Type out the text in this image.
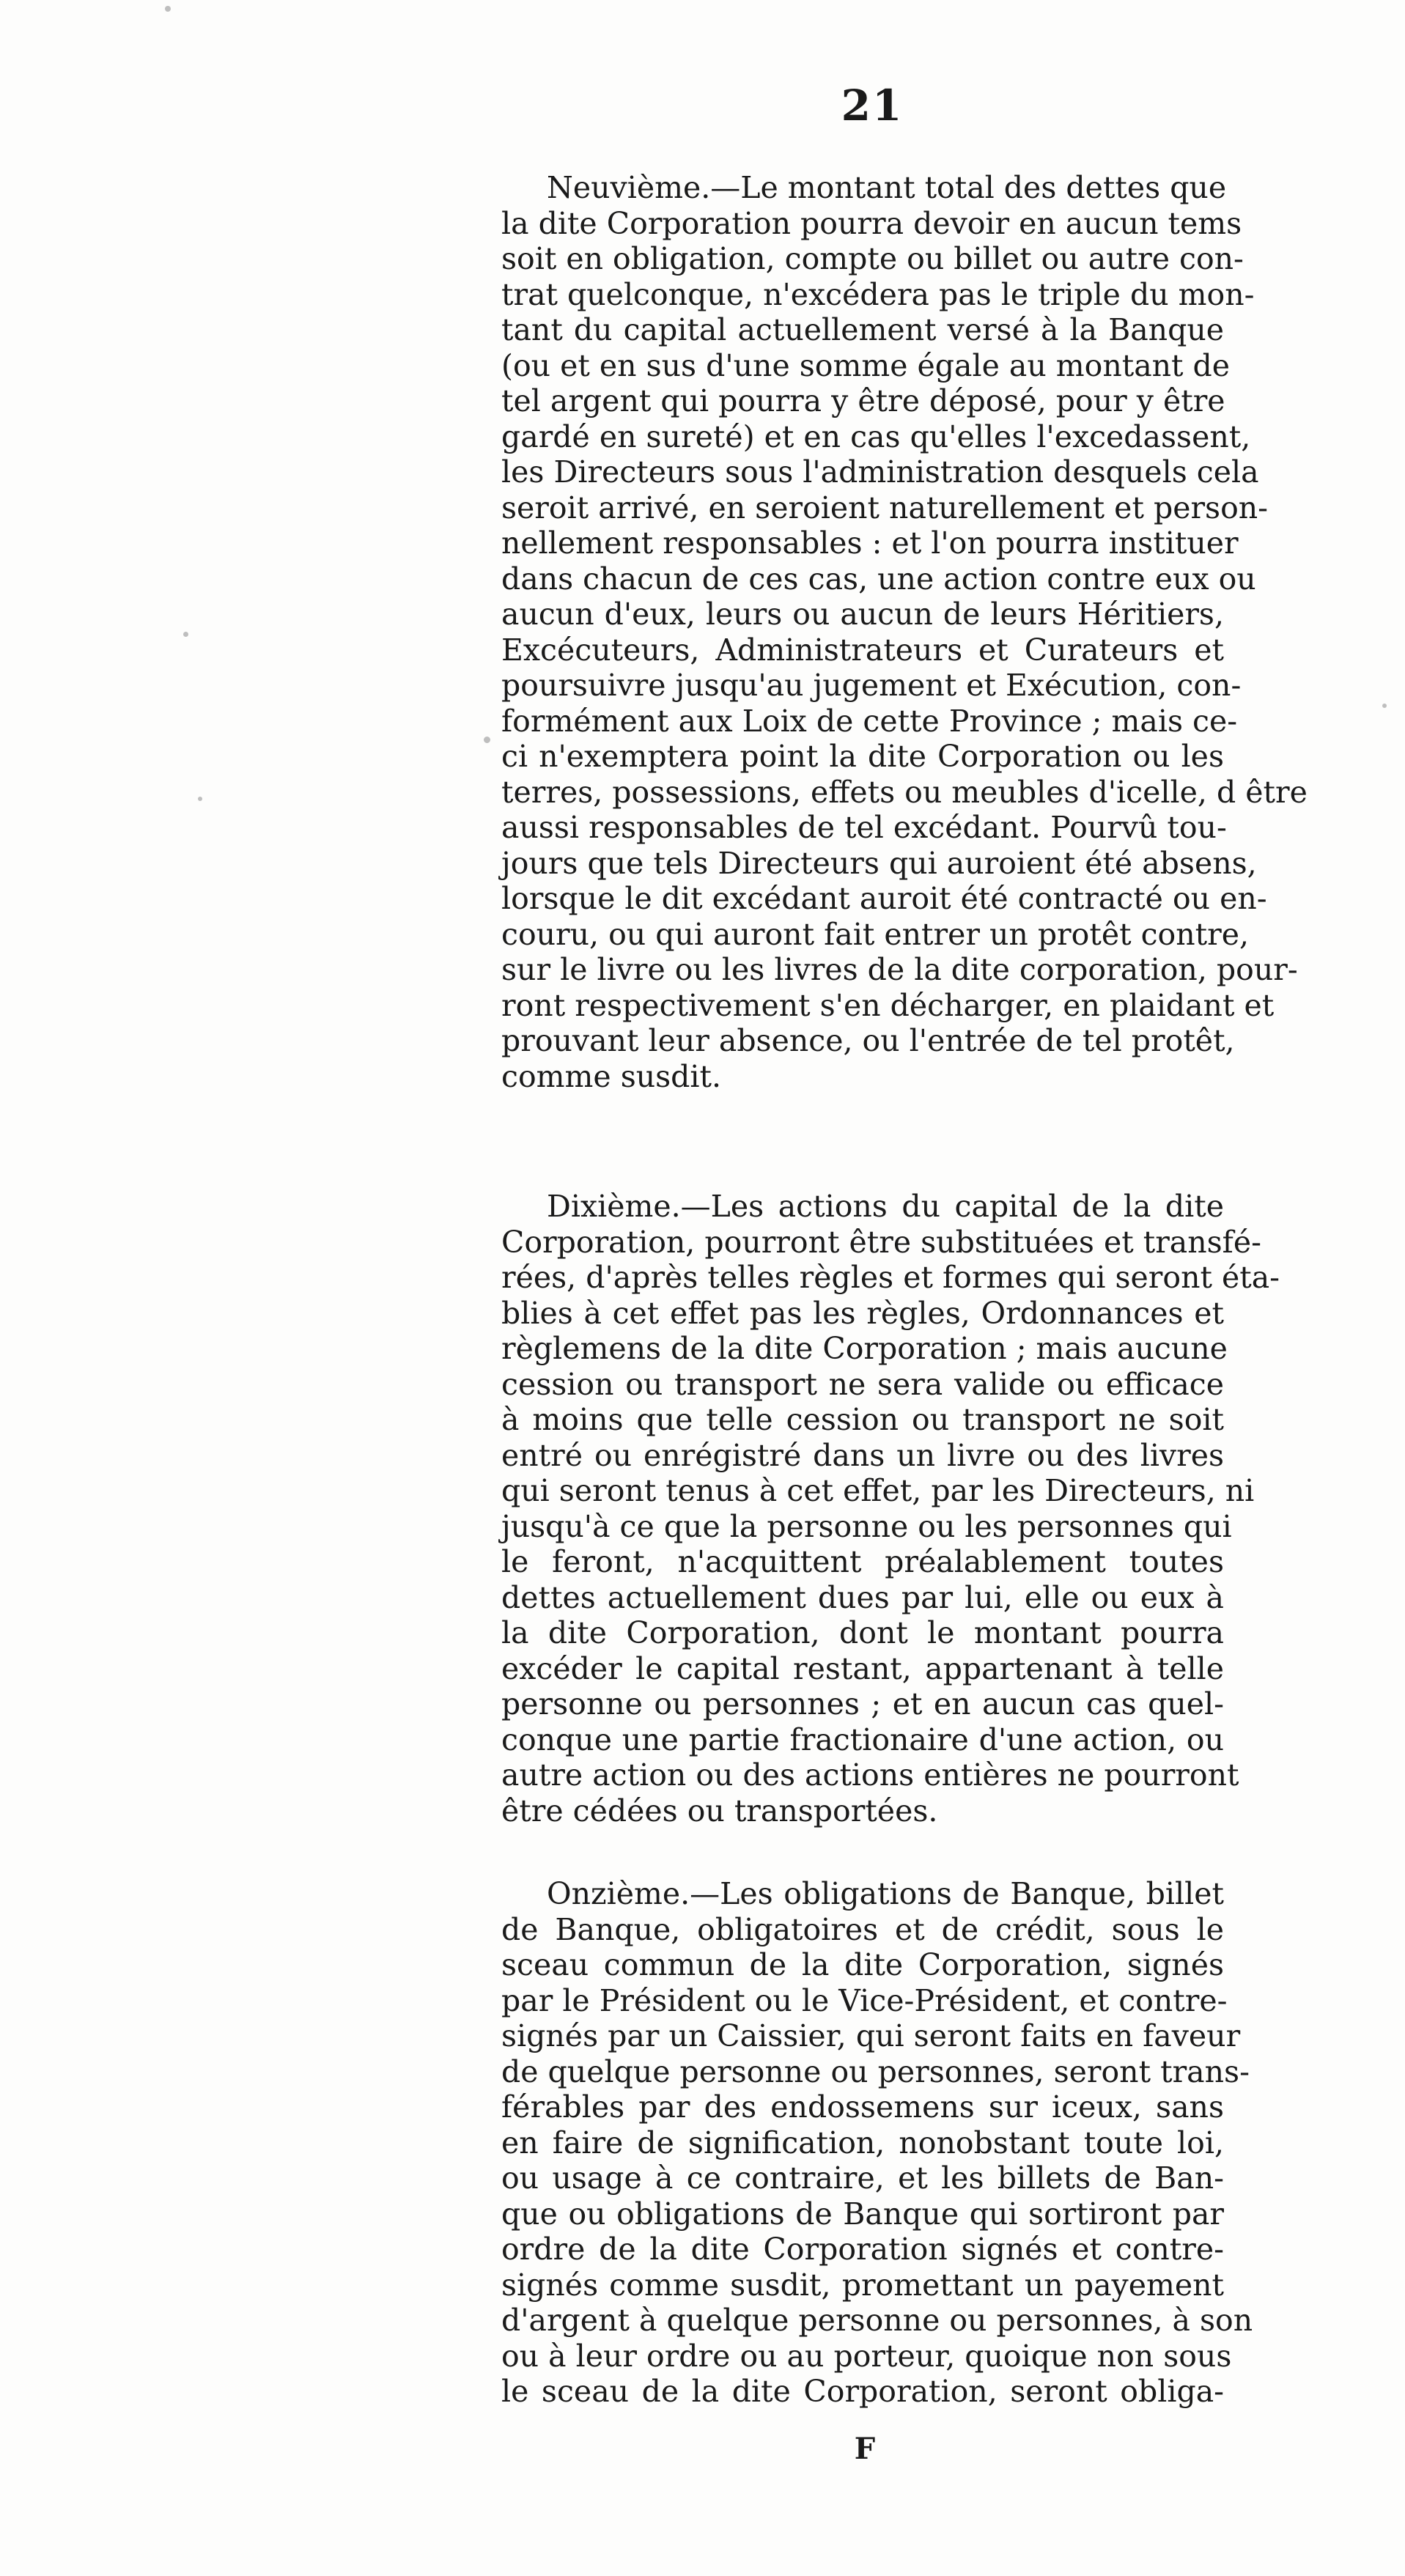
21
Neuvième.—Le montant total des dettes que
la dite Corporation pourra devoir en aucun tems
soit en obligation, compte ou billet ou autre con-
trat quelconque, n'excédera pas le triple du mon-
tant du capital actuellement versé à la Banque
(ou et en sus d'une somme égale au montant de
tel argent qui pourra y être déposé, pour y être
gardé en sureté) et en cas qu'elles l'excedassent,
les Directeurs sous l'administration desquels cela
seroit arrivé, en seroient naturellement et person-
nellement responsables : et l'on pourra instituer
dans chacun de ces cas, une action contre eux ou
aucun d'eux, leurs ou aucun de leurs Héritiers,
Excécuteurs, Administrateurs et Curateurs et
poursuivre jusqu'au jugement et Exécution, con-
formément aux Loix de cette Province ; mais ce-
ci n'exemptera point la dite Corporation ou les
terres, possessions, effets ou meubles d'icelle, d être
aussi responsables de tel excédant. Pourvû tou-
jours que tels Directeurs qui auroient été absens,
lorsque le dit excédant auroit été contracté ou en-
couru, ou qui auront fait entrer un protêt contre,
sur le livre ou les livres de la dite corporation, pour-
ront respectivement s'en décharger, en plaidant et
prouvant leur absence, ou l'entrée de tel protêt,
comme susdit.
Dixième.—Les actions du capital de la dite
Corporation, pourront être substituées et transfé-
rées, d'après telles règles et formes qui seront éta-
blies à cet effet pas les règles, Ordonnances et
règlemens de la dite Corporation ; mais aucune
cession ou transport ne sera valide ou efficace
à moins que telle cession ou transport ne soit
entré ou enrégistré dans un livre ou des livres
qui seront tenus à cet effet, par les Directeurs, ni
jusqu'à ce que la personne ou les personnes qui
le feront, n'acquittent préalablement toutes
dettes actuellement dues par lui, elle ou eux à
la dite Corporation, dont le montant pourra
excéder le capital restant, appartenant à telle
personne ou personnes ; et en aucun cas quel-
conque une partie fractionaire d'une action, ou
autre action ou des actions entières ne pourront
être cédées ou transportées.
Onzième.—Les obligations de Banque, billet
de Banque, obligatoires et de crédit, sous le
sceau commun de la dite Corporation, signés
par le Président ou le Vice-Président, et contre-
signés par un Caissier, qui seront faits en faveur
de quelque personne ou personnes, seront trans-
férables par des endossemens sur iceux, sans
en faire de signification, nonobstant toute loi,
ou usage à ce contraire, et les billets de Ban-
que ou obligations de Banque qui sortiront par
ordre de la dite Corporation signés et contre-
signés comme susdit, promettant un payement
d'argent à quelque personne ou personnes, à son
ou à leur ordre ou au porteur, quoique non sous
le sceau de la dite Corporation, seront obliga-
F
